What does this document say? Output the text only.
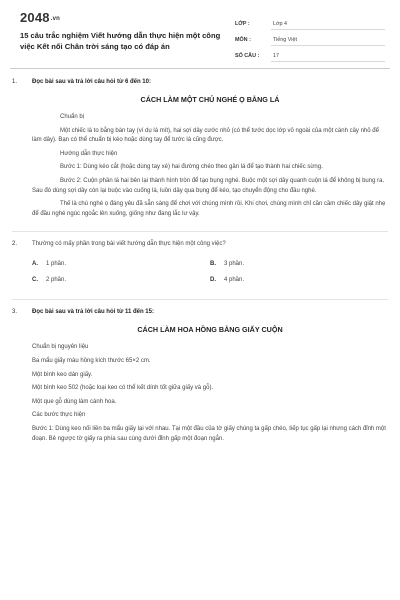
2048.vn
15 câu trắc nghiệm Viết hướng dẫn thực hiện một công việc Kết nối Chân trời sáng tạo có đáp án
LỚP :	Lớp 4
MÔN :	Tiếng Việt
SỐ CÂU :	17
1.	Đọc bài sau và trả lời câu hỏi từ 6 đến 10:
CÁCH LÀM MỘT CHỦ NGHÉ Ọ BẰNG LÁ
Chuẩn bị
Một chiếc lá to bằng bàn tay (ví dụ lá mít), hai sợi dây cước nhỏ (có thể tước dọc lớp vỏ ngoài của một cành cây nhỏ để làm dây). Bạn có thể chuẩn bị kéo hoặc dùng tay để tước lá cũng được.
Hướng dẫn thực hiện
Bước 1: Dùng kéo cắt (hoặc dùng tay xé) hai đường chéo theo gân lá để tạo thành hai chiếc sừng.
Bước 2: Cuộn phần lá hai bên lại thành hình tròn để tạo bụng nghé. Buộc một sợi dây quanh cuộn lá để không bị bung ra. Sau đó dùng sợi dây còn lại buộc vào cuống lá, luồn dây qua bụng để kéo, tạo chuyển động cho đầu nghé.
Thế là chú nghé ọ đáng yêu đã sẵn sàng để chơi với chúng mình rồi. Khi chơi, chúng mình chỉ cần cầm chiếc dây giật nhẹ để đầu nghé ngúc ngoắc lên xuống, giống như đang lắc lư vậy.
2.	Thường có mấy phần trong bài viết hướng dẫn thực hiện một công việc?
A.	1 phần.	B.	3 phần.
C.	2 phần.	D.	4 phần.
3.	Đọc bài sau và trả lời câu hỏi từ 11 đến 15:
CÁCH LÀM HOA HỒNG BẰNG GIẤY CUỘN
Chuẩn bị nguyên liệu
Ba mẩu giấy màu hồng kích thước 65×2 cm.
Một bình keo dán giấy.
Một bình keo 502 (hoặc loại keo có thể kết dính tốt giữa giấy và gỗ).
Một que gỗ dùng làm cành hoa.
Các bước thực hiện
Bước 1: Dùng keo nối liền ba mẩu giấy lại với nhau. Tại một đầu của tờ giấy chúng ta gấp chéo, tiếp tục gấp lại nhưng cách đỉnh một đoạn. Bẻ ngược tờ giấy ra phía sau cùng dưới đỉnh gấp một đoạn ngắn.
